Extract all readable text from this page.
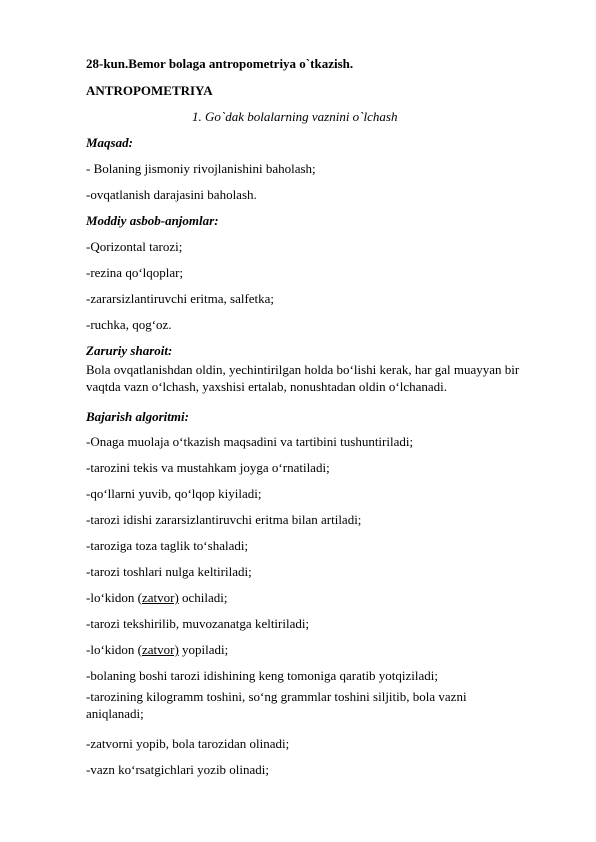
28-kun.Bemor bolaga antropometriya o`tkazish.
ANTROPOMETRIYA
1. Go`dak bolalarning vaznini o`lchash
Maqsad:
- Bolaning jismoniy rivojlanishini baholash;
-ovqatlanish darajasini baholash.
Moddiy asbob-anjomlar:
-Qorizontal tarozi;
-rezina qo‘lqoplar;
-zararsizlantiruvchi eritma, salfetka;
-ruchka, qog‘oz.
Zaruriy sharoit:
Bola ovqatlanishdan oldin, yechintirilgan holda bo‘lishi kerak, har gal muayyan bir vaqtda vazn o‘lchash, yaxshisi ertalab, nonushtadan oldin o‘lchanadi.
Bajarish algoritmi:
-Onaga muolaja o‘tkazish maqsadini va tartibini tushuntiriladi;
-tarozini tekis va mustahkam joyga o‘rnatiladi;
-qo‘llarni yuvib, qo‘lqop kiyiladi;
-tarozi idishi zararsizlantiruvchi eritma bilan artiladi;
-taroziga toza taglik to‘shaladi;
-tarozi toshlari nulga keltiriladi;
-lo‘kidon (zatvor) ochiladi;
-tarozi tekshirilib, muvozanatga keltiriladi;
-lo‘kidon (zatvor) yopiladi;
-bolaning boshi tarozi idishining keng tomoniga qaratib yotqiziladi;
-tarozining kilogramm toshini, so‘ng grammlar toshini siljitib, bola vazni aniqlanadi;
-zatvorni yopib, bola tarozidan olinadi;
-vazn ko‘rsatgichlari yozib olinadi;
